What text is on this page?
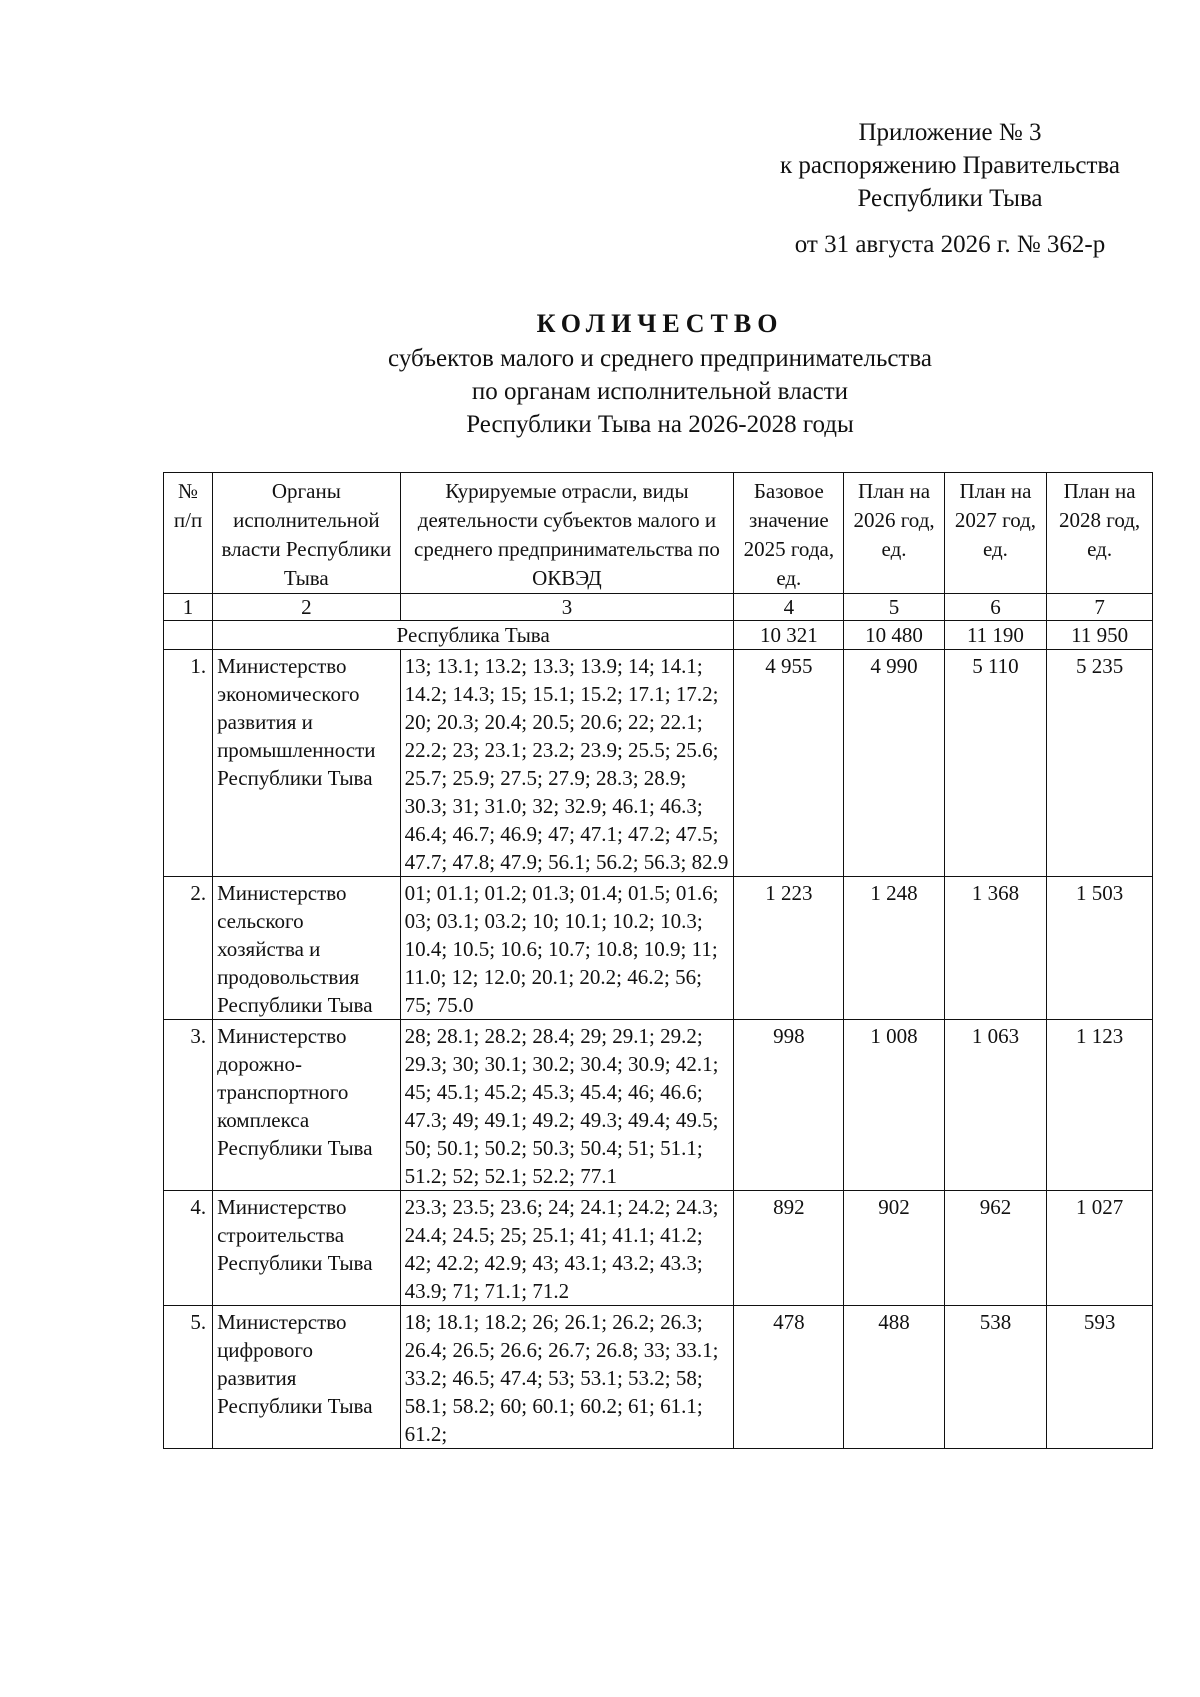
Приложение № 3
к распоряжению Правительства
Республики Тыва
от 31 августа 2026 г. № 362-р
КОЛИЧЕСТВО
субъектов малого и среднего предпринимательства
по органам исполнительной власти
Республики Тыва на 2026-2028 годы
№ п/п	Органы исполнительной власти Республики Тыва	Курируемые отрасли, виды деятельности субъектов малого и среднего предпринимательства по ОКВЭД	Базовое значение 2025 года, ед.	План на 2026 год, ед.	План на 2027 год, ед.	План на 2028 год, ед.
1	2	3	4	5	6	7
	Республика Тыва		10 321	10 480	11 190	11 950
1.	Министерство экономического развития и промышленности Республики Тыва	13; 13.1; 13.2; 13.3; 13.9; 14; 14.1; 14.2; 14.3; 15; 15.1; 15.2; 17.1; 17.2; 20; 20.3; 20.4; 20.5; 20.6; 22; 22.1; 22.2; 23; 23.1; 23.2; 23.9; 25.5; 25.6; 25.7; 25.9; 27.5; 27.9; 28.3; 28.9; 30.3; 31; 31.0; 32; 32.9; 46.1; 46.3; 46.4; 46.7; 46.9; 47; 47.1; 47.2; 47.5; 47.7; 47.8; 47.9; 56.1; 56.2; 56.3; 82.9	4 955	4 990	5 110	5 235
2.	Министерство сельского хозяйства и продовольствия Республики Тыва	01; 01.1; 01.2; 01.3; 01.4; 01.5; 01.6; 03; 03.1; 03.2; 10; 10.1; 10.2; 10.3; 10.4; 10.5; 10.6; 10.7; 10.8; 10.9; 11; 11.0; 12; 12.0; 20.1; 20.2; 46.2; 56; 75; 75.0	1 223	1 248	1 368	1 503
3.	Министерство дорожно-транспортного комплекса Республики Тыва	28; 28.1; 28.2; 28.4; 29; 29.1; 29.2; 29.3; 30; 30.1; 30.2; 30.4; 30.9; 42.1; 45; 45.1; 45.2; 45.3; 45.4; 46; 46.6; 47.3; 49; 49.1; 49.2; 49.3; 49.4; 49.5; 50; 50.1; 50.2; 50.3; 50.4; 51; 51.1; 51.2; 52; 52.1; 52.2; 77.1	998	1 008	1 063	1 123
4.	Министерство строительства Республики Тыва	23.3; 23.5; 23.6; 24; 24.1; 24.2; 24.3; 24.4; 24.5; 25; 25.1; 41; 41.1; 41.2; 42; 42.2; 42.9; 43; 43.1; 43.2; 43.3; 43.9; 71; 71.1; 71.2	892	902	962	1 027
5.	Министерство цифрового развития Республики Тыва	18; 18.1; 18.2; 26; 26.1; 26.2; 26.3; 26.4; 26.5; 26.6; 26.7; 26.8; 33; 33.1; 33.2; 46.5; 47.4; 53; 53.1; 53.2; 58; 58.1; 58.2; 60; 60.1; 60.2; 61; 61.1; 61.2;	478	488	538	593
